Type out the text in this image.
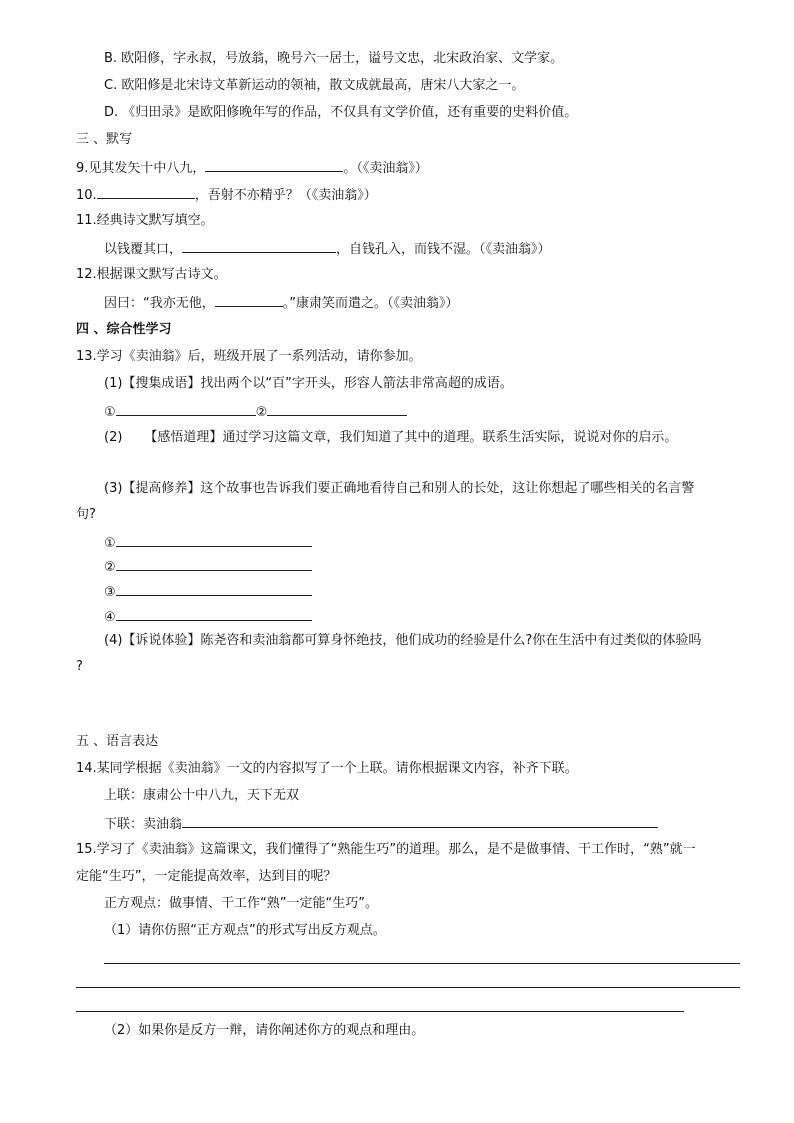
B. 欧阳修，字永叔，号放翁，晚号六一居士，谥号文忠，北宋政治家、文学家。
C. 欧阳修是北宋诗文革新运动的领袖，散文成就最高，唐宋八大家之一。
D. 《归田录》是欧阳修晚年写的作品，不仅具有文学价值，还有重要的史料价值。
三 、默写
9.见其发矢十中八九，	。（《卖油翁》）
10.	，吾射不亦精乎？（《卖油翁》）
11.经典诗文默写填空。
以钱覆其口，	，自钱孔入，而钱不湿。（《卖油翁》）
12.根据课文默写古诗文。
因曰：“我亦无他，	。”康肃笑而遣之。（《卖油翁》）
四 、综合性学习
13.学习《卖油翁》后，班级开展了一系列活动，请你参加。
(1)【搜集成语】找出两个以“百”字开头，形容人箭法非常高超的成语。
①	②
(2) 【感悟道理】通过学习这篇文章，我们知道了其中的道理。联系生活实际，说说对你的启示。
(3)【提高修养】这个故事也告诉我们要正确地看待自己和别人的长处，这让你想起了哪些相关的名言警
句?
①
②
③
④
(4)【诉说体验】陈尧咨和卖油翁都可算身怀绝技，他们成功的经验是什么?你在生活中有过类似的体验吗
?
五 、语言表达
14.某同学根据《卖油翁》一文的内容拟写了一个上联。请你根据课文内容，补齐下联。
上联：康肃公十中八九，天下无双
下联：卖油翁
15.学习了《卖油翁》这篇课文，我们懂得了“熟能生巧”的道理。那么，是不是做事情、干工作时，“熟”就一
定能“生巧”，一定能提高效率，达到目的呢？
正方观点：做事情、干工作“熟”一定能“生巧”。
（1）请你仿照“正方观点”的形式写出反方观点。
（2）如果你是反方一辩，请你阐述你方的观点和理由。
